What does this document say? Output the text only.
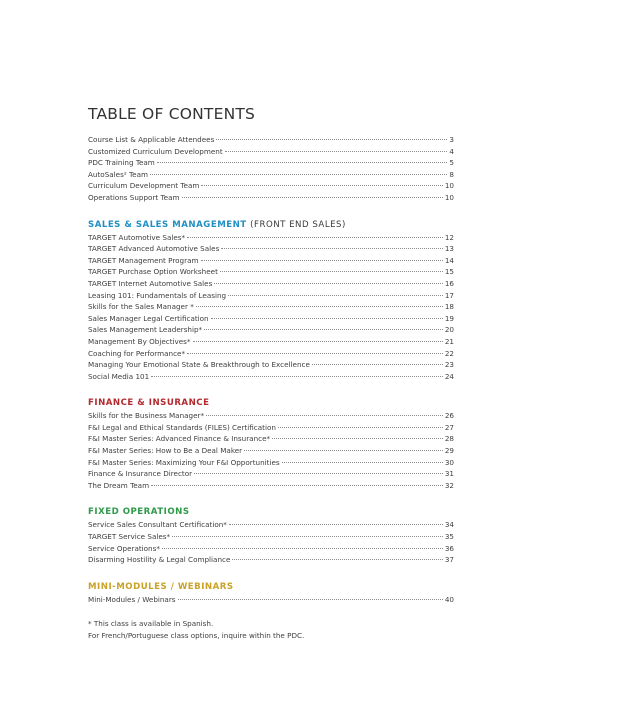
TABLE OF CONTENTS
Course List & Applicable Attendees	3
Customized Curriculum Development	4
PDC Training Team	5
AutoSales² Team	8
Curriculum Development Team	10
Operations Support Team	10
SALES & SALES MANAGEMENT (FRONT END SALES)
TARGET Automotive Sales*	12
TARGET Advanced Automotive Sales	13
TARGET Management Program	14
TARGET Purchase Option Worksheet	15
TARGET Internet Automotive Sales	16
Leasing 101: Fundamentals of Leasing	17
Skills for the Sales Manager *	18
Sales Manager Legal Certification	19
Sales Management Leadership*	20
Management By Objectives*	21
Coaching for Performance*	22
Managing Your Emotional State & Breakthrough to Excellence	23
Social Media 101	24
FINANCE & INSURANCE
Skills for the Business Manager*	26
F&I Legal and Ethical Standards (FILES) Certification	27
F&I Master Series: Advanced Finance & Insurance*	28
F&I Master Series: How to Be a Deal Maker	29
F&I Master Series: Maximizing Your F&I Opportunities	30
Finance & Insurance Director	31
The Dream Team	32
FIXED OPERATIONS
Service Sales Consultant Certification*	34
TARGET Service Sales*	35
Service Operations*	36
Disarming Hostility & Legal Compliance	37
MINI-MODULES / WEBINARS
Mini-Modules / Webinars	40

* This class is available in Spanish.

For French/Portuguese class options, inquire within the PDC.
